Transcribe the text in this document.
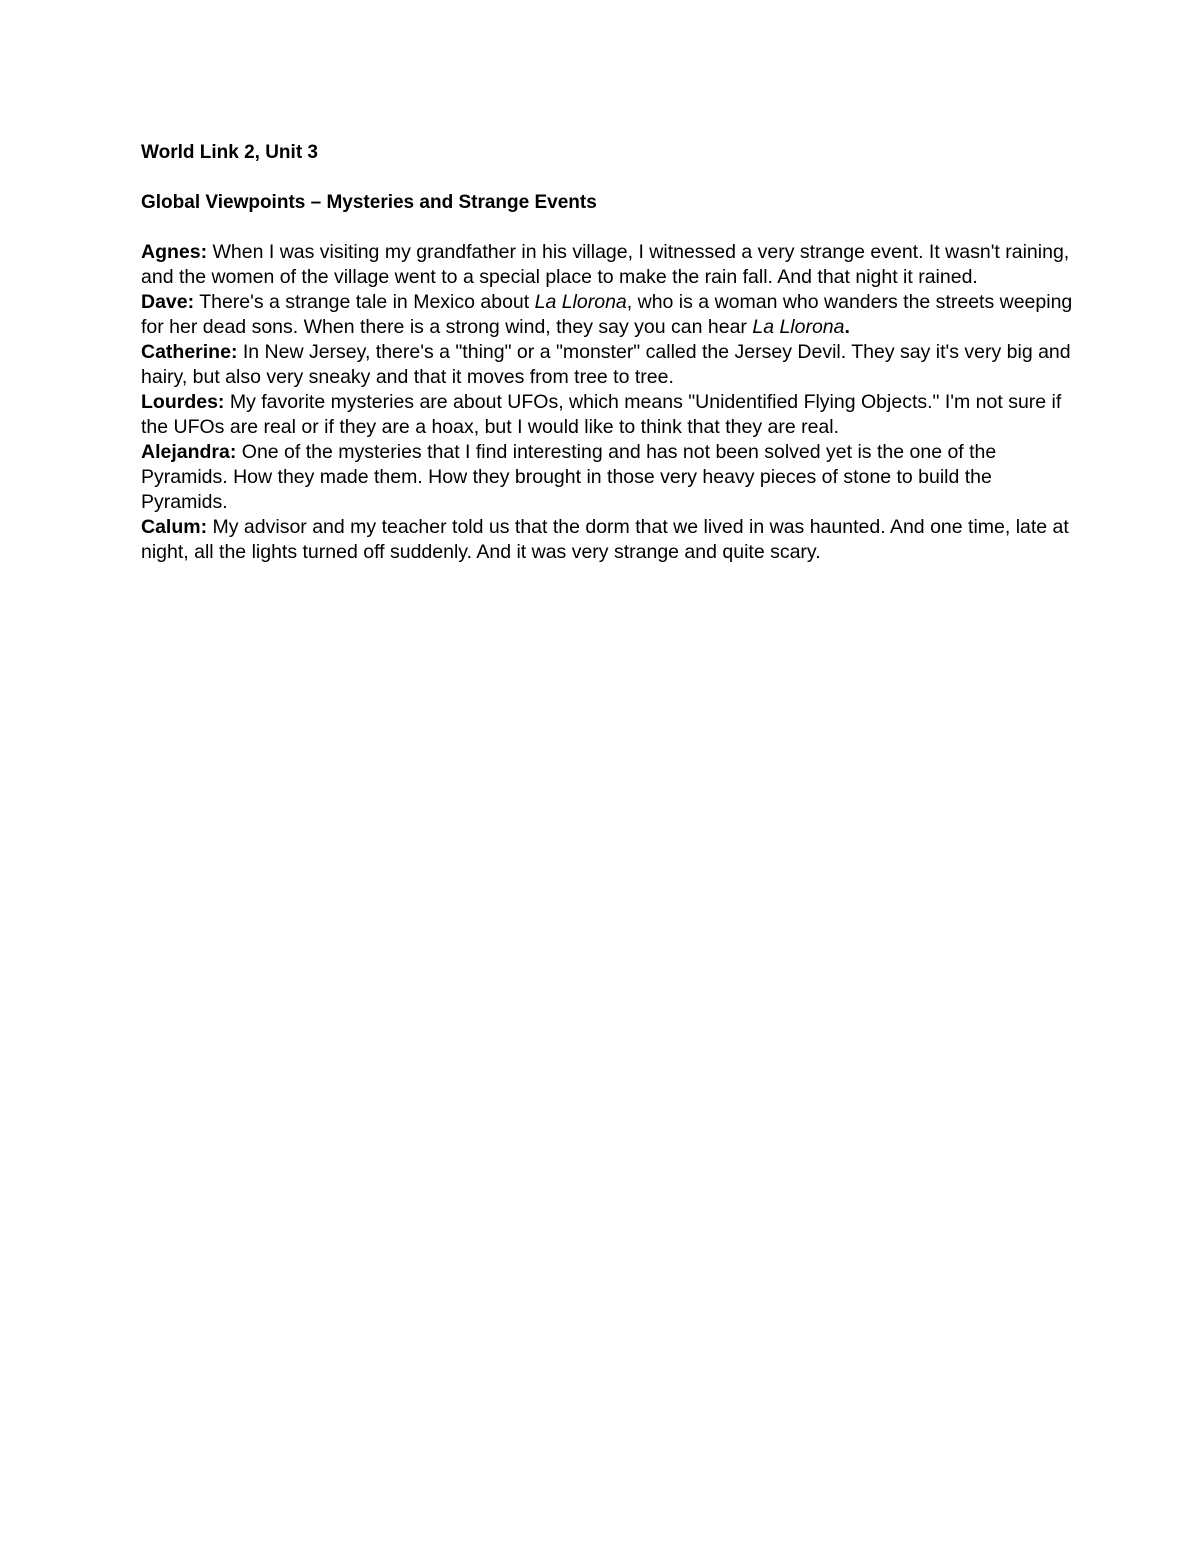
World Link 2, Unit 3

Global Viewpoints – Mysteries and Strange Events

Agnes: When I was visiting my grandfather in his village, I witnessed a very strange event. It wasn't raining, and the women of the village went to a special place to make the rain fall. And that night it rained.

Dave: There's a strange tale in Mexico about La Llorona, who is a woman who wanders the streets weeping for her dead sons. When there is a strong wind, they say you can hear La Llorona.

Catherine: In New Jersey, there's a "thing" or a "monster" called the Jersey Devil. They say it's very big and hairy, but also very sneaky and that it moves from tree to tree.

Lourdes: My favorite mysteries are about UFOs, which means "Unidentified Flying Objects." I'm not sure if the UFOs are real or if they are a hoax, but I would like to think that they are real.

Alejandra: One of the mysteries that I find interesting and has not been solved yet is the one of the Pyramids. How they made them. How they brought in those very heavy pieces of stone to build the Pyramids.

Calum: My advisor and my teacher told us that the dorm that we lived in was haunted. And one time, late at night, all the lights turned off suddenly. And it was very strange and quite scary.
